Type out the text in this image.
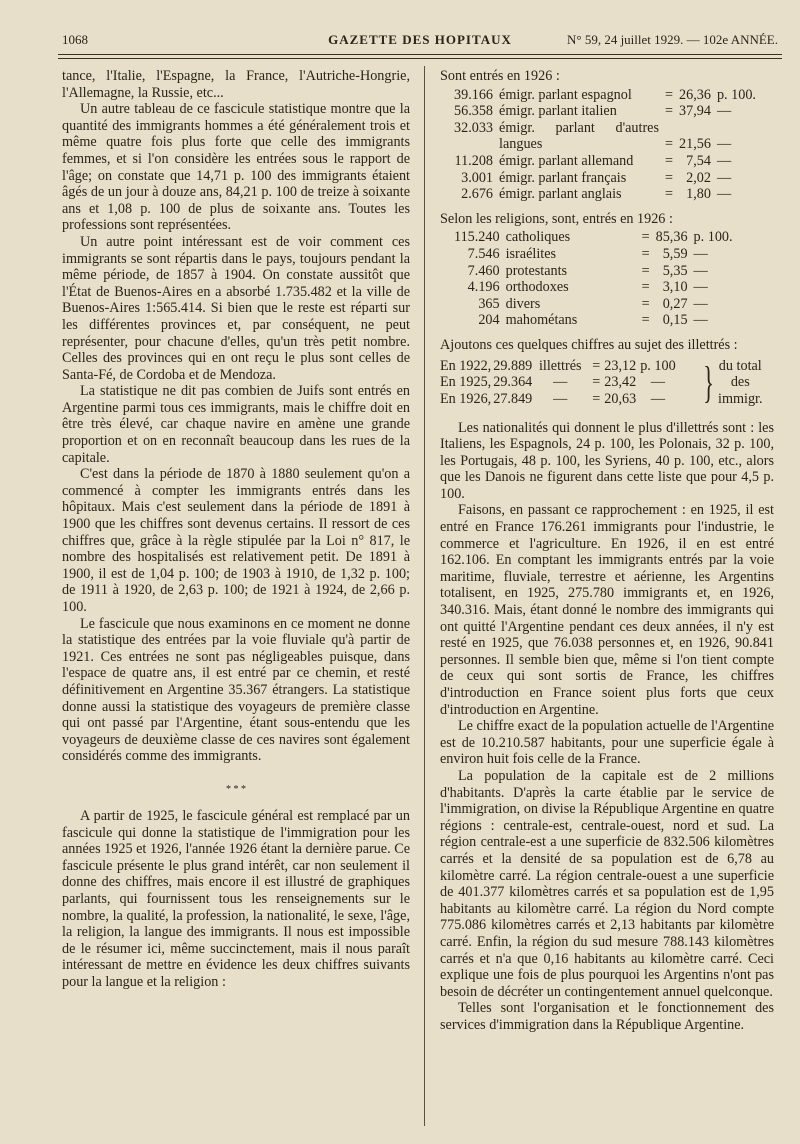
1068	GAZETTE DES HOPITAUX	N° 59, 24 juillet 1929. — 102e ANNÉE.

tance, l'Italie, l'Espagne, la France, l'Autriche-Hongrie, l'Allemagne, la Russie, etc...

Un autre tableau de ce fascicule statistique montre que la quantité des immigrants hommes a été généralement trois et même quatre fois plus forte que celle des immigrants femmes, et si l'on considère les entrées sous le rapport de l'âge; on constate que 14,71 p. 100 des immigrants étaient âgés de un jour à douze ans, 84,21 p. 100 de treize à soixante ans et 1,08 p. 100 de plus de soixante ans. Toutes les professions sont représentées.

Un autre point intéressant est de voir comment ces immigrants se sont répartis dans le pays, toujours pendant la même période, de 1857 à 1904. On constate aussitôt que l'État de Buenos-Aires en a absorbé 1.735.482 et la ville de Buenos-Aires 1:565.414. Si bien que le reste est réparti sur les différentes provinces et, par conséquent, ne peut représenter, pour chacune d'elles, qu'un très petit nombre. Celles des provinces qui en ont reçu le plus sont celles de Santa-Fé, de Cordoba et de Mendoza.

La statistique ne dit pas combien de Juifs sont entrés en Argentine parmi tous ces immigrants, mais le chiffre doit en être très élevé, car chaque navire en amène une grande proportion et on en reconnaît beaucoup dans les rues de la capitale.

C'est dans la période de 1870 à 1880 seulement qu'on a commencé à compter les immigrants entrés dans les hôpitaux. Mais c'est seulement dans la période de 1891 à 1900 que les chiffres sont devenus certains. Il ressort de ces chiffres que, grâce à la règle stipulée par la Loi n° 817, le nombre des hospitalisés est relativement petit. De 1891 à 1900, il est de 1,04 p. 100; de 1903 à 1910, de 1,32 p. 100; de 1911 à 1920, de 2,63 p. 100; de 1921 à 1924, de 2,66 p. 100.

Le fascicule que nous examinons en ce moment ne donne la statistique des entrées par la voie fluviale qu'à partir de 1921. Ces entrées ne sont pas négligeables puisque, dans l'espace de quatre ans, il est entré par ce chemin, et resté définitivement en Argentine 35.367 étrangers. La statistique donne aussi la statistique des voyageurs de première classe qui ont passé par l'Argentine, étant sous-entendu que les voyageurs de deuxième classe de ces navires sont également considérés comme des immigrants.

* * *

A partir de 1925, le fascicule général est remplacé par un fascicule qui donne la statistique de l'immigration pour les années 1925 et 1926, l'année 1926 étant la dernière parue. Ce fascicule présente le plus grand intérêt, car non seulement il donne des chiffres, mais encore il est illustré de graphiques parlants, qui fournissent tous les renseignements sur le nombre, la qualité, la profession, la nationalité, le sexe, l'âge, la religion, la langue des immigrants. Il nous est impossible de le résumer ici, même succinctement, mais il nous paraît intéressant de mettre en évidence les deux chiffres suivants pour la langue et la religion :

Sont entrés en 1926 :

39.166	émigr. parlant espagnol	=	26,36	p. 100.
56.358	émigr. parlant italien	=	37,94	—
32.033	émigr. parlant d'autres langues	=	21,56	—
11.208	émigr. parlant allemand	=	7,54	—
3.001	émigr. parlant français	=	2,02	—
2.676	émigr. parlant anglais	=	1,80	—

Selon les religions, sont, entrés en 1926 :

115.240	catholiques	=	85,36	p. 100.
7.546	israélites	=	5,59	—
7.460	protestants	=	5,35	—
4.196	orthodoxes	=	3,10	—
365	divers	=	0,27	—
204	mahométans	=	0,15	—

Ajoutons ces quelques chiffres au sujet des illettrés :

En 1922,	29.889	illettrés	=	23,12	p. 100
En 1925,	29.364	—	=	23,42	—
En 1926,	27.849	—	=	20,63	— } du total
des
immigr.

Les nationalités qui donnent le plus d'illettrés sont : les Italiens, les Espagnols, 24 p. 100, les Polonais, 32 p. 100, les Portugais, 48 p. 100, les Syriens, 40 p. 100, etc., alors que les Danois ne figurent dans cette liste que pour 4,5 p. 100.

Faisons, en passant ce rapprochement : en 1925, il est entré en France 176.261 immigrants pour l'industrie, le commerce et l'agriculture. En 1926, il en est entré 162.106. En comptant les immigrants entrés par la voie maritime, fluviale, terrestre et aérienne, les Argentins totalisent, en 1925, 275.780 immigrants et, en 1926, 340.316. Mais, étant donné le nombre des immigrants qui ont quitté l'Argentine pendant ces deux années, il n'y est resté en 1925, que 76.038 personnes et, en 1926, 90.841 personnes. Il semble bien que, même si l'on tient compte de ceux qui sont sortis de France, les chiffres d'introduction en France soient plus forts que ceux d'introduction en Argentine.

Le chiffre exact de la population actuelle de l'Argentine est de 10.210.587 habitants, pour une superficie égale à environ huit fois celle de la France.

La population de la capitale est de 2 millions d'habitants. D'après la carte établie par le service de l'immigration, on divise la République Argentine en quatre régions : centrale-est, centrale-ouest, nord et sud. La région centrale-est a une superficie de 832.506 kilomètres carrés et la densité de sa population est de 6,78 au kilomètre carré. La région centrale-ouest a une superficie de 401.377 kilomètres carrés et sa population est de 1,95 habitants au kilomètre carré. La région du Nord compte 775.086 kilomètres carrés et 2,13 habitants par kilomètre carré. Enfin, la région du sud mesure 788.143 kilomètres carrés et n'a que 0,16 habitants au kilomètre carré. Ceci explique une fois de plus pourquoi les Argentins n'ont pas besoin de décréter un contingentement annuel quelconque.

Telles sont l'organisation et le fonctionnement des services d'immigration dans la République Argentine.
